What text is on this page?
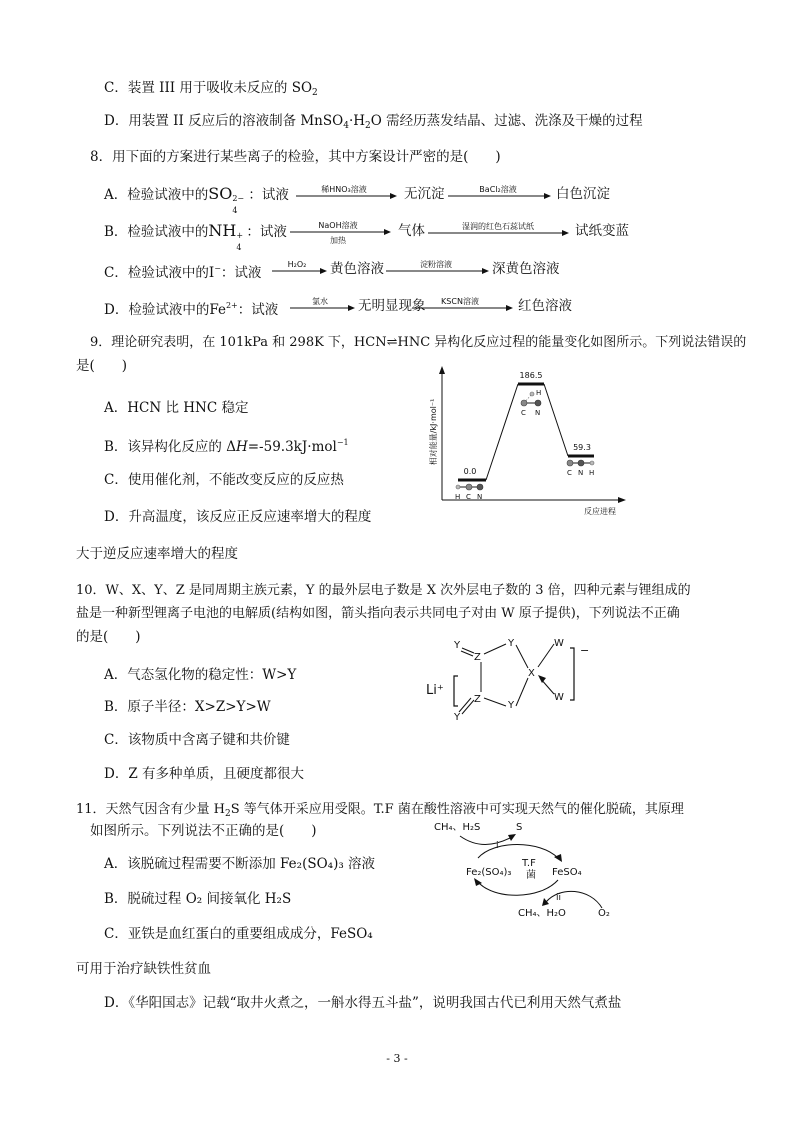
C．装置 III 用于吸收未反应的 $SO_2$
D．用装置 II 反应后的溶液制备 $MnSO_4\cdot H_2O$ 需经历蒸发结晶、过滤、洗涤及干燥的过程
8．用下面的方案进行某些离子的检验，其中方案设计严密的是(　　)
A．检验试液中的SO 2−
4
：试液	稀HNO₃溶液	无沉淀	BaCl₂溶液	白色沉淀
B．检验试液中的NH +
4
：试液	NaOH溶液
加热
气体	湿润的红色石蕊试纸	试纸变蓝
C．检验试液中的I−：试液
H₂O₂ 黄色溶液	淀粉溶液	深黄色溶液
D．检验试液中的$Fe^{2+}$：试液
氯水 无明显现象 KSCN溶液	红色溶液
9．理论研究表明，在 101kPa 和 298K 下，HCN⇌HNC 异构化反应过程的能量变化如图所示。下列说法错误的
是(　　)
A．HCN 比 HNC 稳定
B．该异构化反应的 ΔH=-59.3kJ·mol$^{-1}$
C．使用催化剂，不能改变反应的反应热
D．升高温度，该反应正反应速率增大的程度
大于逆反应速率增大的程度
相对能量/kJ·mol⁻¹
反应进程
0.0
186.5
59.3
H C N
H
C N
C N H
10．W、X、Y、Z 是同周期主族元素，Y 的最外层电子数是 X 次外层电子数的 3 倍，四种元素与锂组成的
盐是一种新型锂离子电池的电解质(结构如图，箭头指向表示共同电子对由 W 原子提供)，下列说法不正确
的是(　　)
A．气态氢化物的稳定性：W>Y
B．原子半径：X>Z>Y>W
C．该物质中含离子键和共价键
D．Z 有多种单质，且硬度都很大
Li⁺
−
Z
Z
Y
Y
X
W
W
Y
Y
11．天然气因含有少量 $H_2S$ 等气体开采应用受限。T.F 菌在酸性溶液中可实现天然气的催化脱硫，其原理
如图所示。下列说法不正确的是(　　)
A．该脱硫过程需要不断添加 Fe₂(SO₄)₃ 溶液
B．脱硫过程 O₂ 间接氧化 H₂S
C．亚铁是血红蛋白的重要组成成分，FeSO₄
可用于治疗缺铁性贫血
D．《华阳国志》记载“取井火煮之，一斛水得五斗盐”，说明我国古代已利用天然气煮盐
CH₄、H₂S	S
i
Fe₂(SO₄)₃
T.F
菌 FeSO₄
ii
CH₄、H₂O	O₂
- 3 -
